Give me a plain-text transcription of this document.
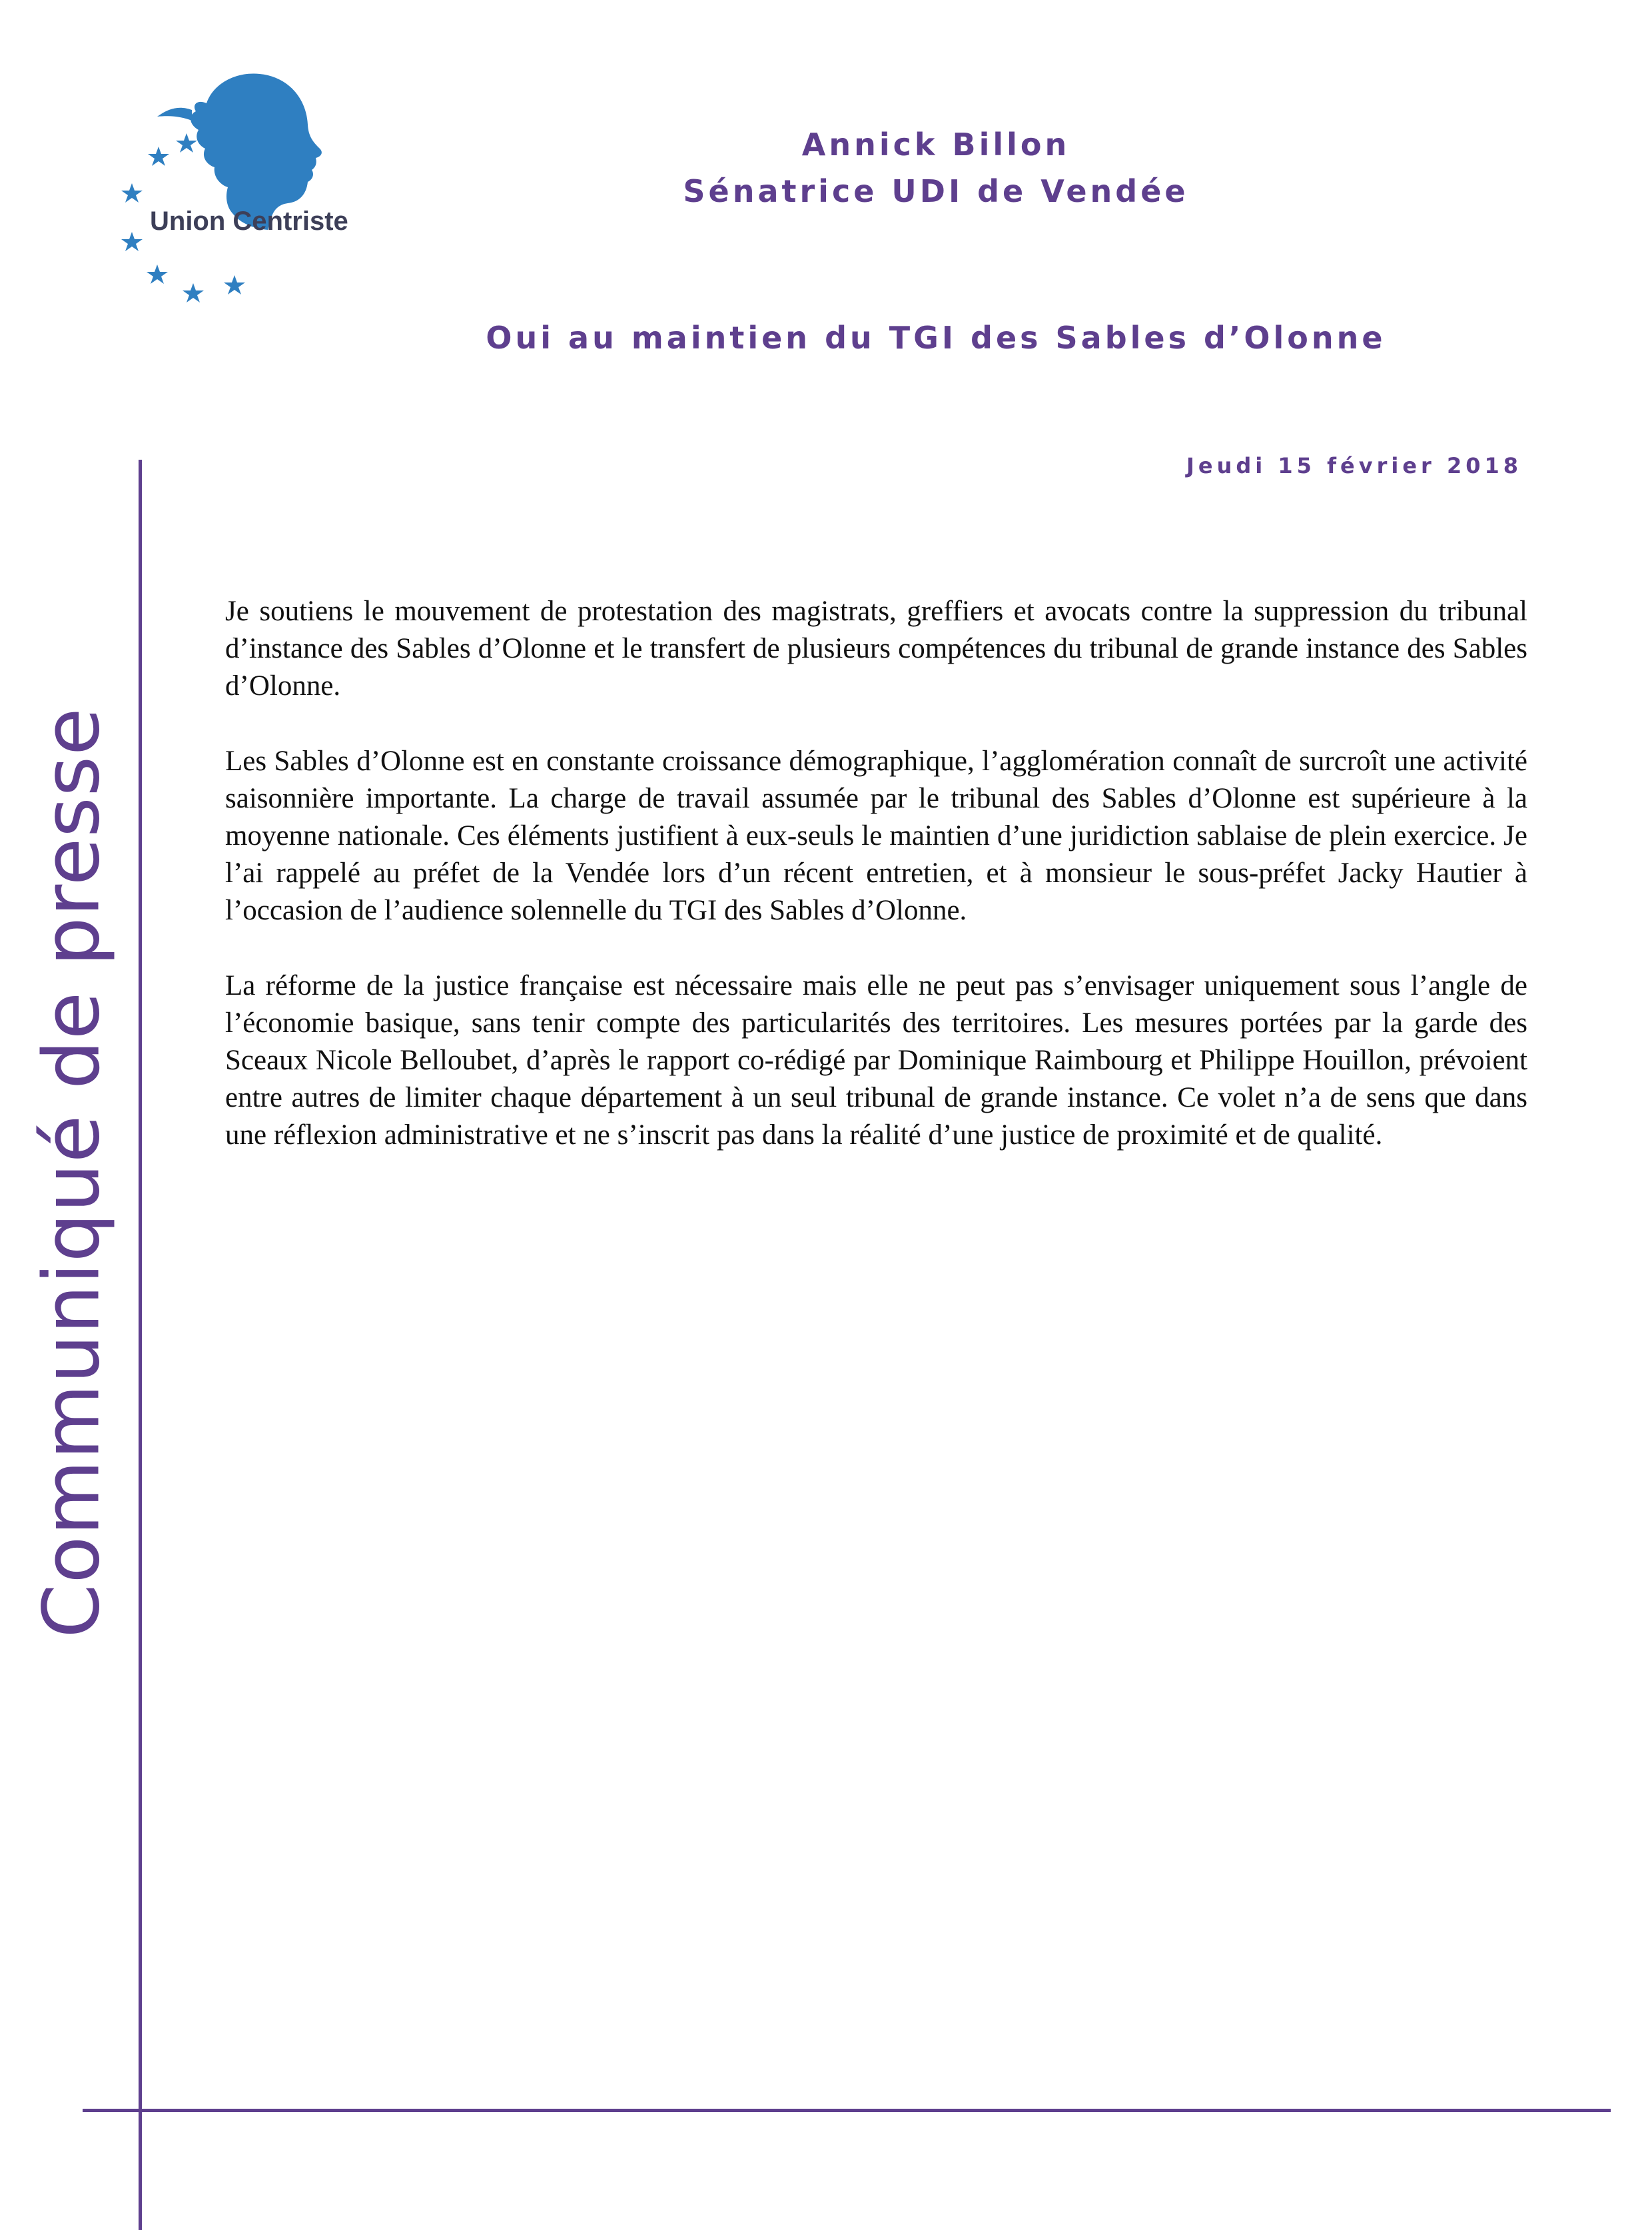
Union Centriste
Annick Billon
Sénatrice UDI de Vendée
Oui au maintien du TGI des Sables d’Olonne
Jeudi 15 février 2018
Communiqué de presse

Je soutiens le mouvement de protestation des magistrats, greffiers et avocats contre la suppression du tribunal d’instance des Sables d’Olonne et le transfert de plusieurs compétences du tribunal de grande instance des Sables d’Olonne.

Les Sables d’Olonne est en constante croissance démographique, l’agglomération connaît de surcroît une activité saisonnière importante. La charge de travail assumée par le tribunal des Sables d’Olonne est supérieure à la moyenne nationale. Ces éléments justifient à eux-seuls le maintien d’une juridiction sablaise de plein exercice. Je l’ai rappelé au préfet de la Vendée lors d’un récent entretien, et à monsieur le sous-préfet Jacky Hautier à l’occasion de l’audience solennelle du TGI des Sables d’Olonne.

La réforme de la justice française est nécessaire mais elle ne peut pas s’envisager uniquement sous l’angle de l’économie basique, sans tenir compte des particularités des territoires. Les mesures portées par la garde des Sceaux Nicole Belloubet, d’après le rapport co-rédigé par Dominique Raimbourg et Philippe Houillon, prévoient entre autres de limiter chaque département à un seul tribunal de grande instance. Ce volet n’a de sens que dans une réflexion administrative et ne s’inscrit pas dans la réalité d’une justice de proximité et de qualité.
